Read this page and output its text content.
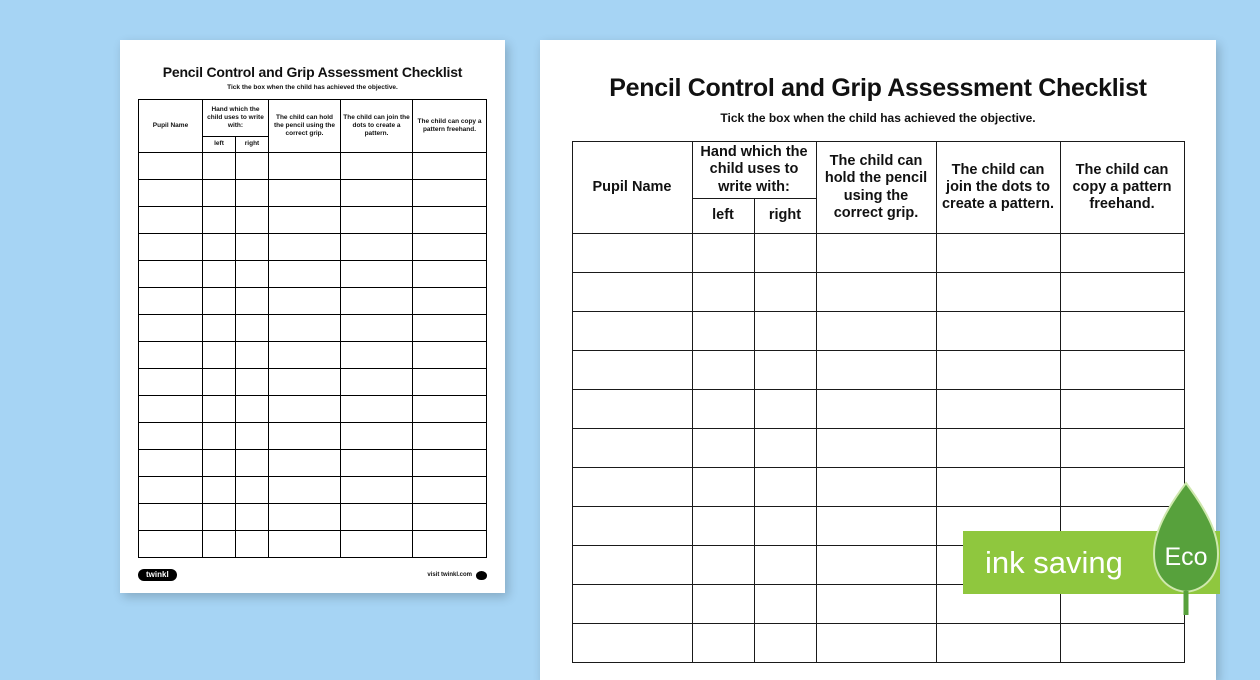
Pencil Control and Grip Assessment Checklist
Tick the box when the child has achieved the objective.
Pupil Name	Hand which the child uses to write with:		The child can hold the pencil using the correct grip.	The child can join the dots to create a pattern.	The child can copy a pattern freehand.
	left	right			

twinkl	visit twinkl.com
Pencil Control and Grip Assessment Checklist
Tick the box when the child has achieved the objective.
Pupil Name	Hand which the child uses to write with:		The child can hold the pencil using the correct grip.	The child can join the dots to create a pattern.	The child can copy a pattern freehand.
	left	right			

ink saving	Eco
